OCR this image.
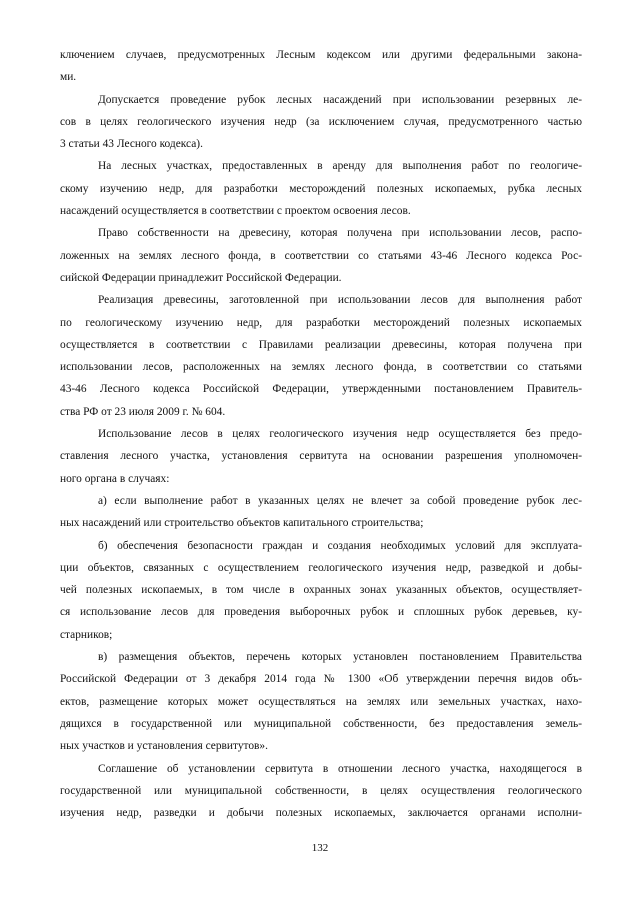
ключением случаев, предусмотренных Лесным кодексом или другими федеральными закона-
ми.
Допускается проведение рубок лесных насаждений при использовании резервных ле-
сов в целях геологического изучения недр (за исключением случая, предусмотренного частью
3 статьи 43 Лесного кодекса).
На лесных участках, предоставленных в аренду для выполнения работ по геологиче-
скому изучению недр, для разработки месторождений полезных ископаемых, рубка лесных
насаждений осуществляется в соответствии с проектом освоения лесов.
Право собственности на древесину, которая получена при использовании лесов, распо-
ложенных на землях лесного фонда, в соответствии со статьями 43-46 Лесного кодекса Рос-
сийской Федерации принадлежит Российской Федерации.
Реализация древесины, заготовленной при использовании лесов для выполнения работ
по геологическому изучению недр, для разработки месторождений полезных ископаемых
осуществляется в соответствии с Правилами реализации древесины, которая получена при
использовании лесов, расположенных на землях лесного фонда, в соответствии со статьями
43-46 Лесного кодекса Российской Федерации, утвержденными постановлением Правитель-
ства РФ от 23 июля 2009 г. № 604.
Использование лесов в целях геологического изучения недр осуществляется без предо-
ставления лесного участка, установления сервитута на основании разрешения уполномочен-
ного органа в случаях:
а) если выполнение работ в указанных целях не влечет за собой проведение рубок лес-
ных насаждений или строительство объектов капитального строительства;
б) обеспечения безопасности граждан и создания необходимых условий для эксплуата-
ции объектов, связанных с осуществлением геологического изучения недр, разведкой и добы-
чей полезных ископаемых, в том числе в охранных зонах указанных объектов, осуществляет-
ся использование лесов для проведения выборочных рубок и сплошных рубок деревьев, ку-
старников;
в) размещения объектов, перечень которых установлен постановлением Правительства
Российской Федерации от 3 декабря 2014 года № 1300 «Об утверждении перечня видов объ-
ектов, размещение которых может осуществляться на землях или земельных участках, нахо-
дящихся в государственной или муниципальной собственности, без предоставления земель-
ных участков и установления сервитутов».
Соглашение об установлении сервитута в отношении лесного участка, находящегося в
государственной или муниципальной собственности, в целях осуществления геологического
изучения недр, разведки и добычи полезных ископаемых, заключается органами исполни-
132
